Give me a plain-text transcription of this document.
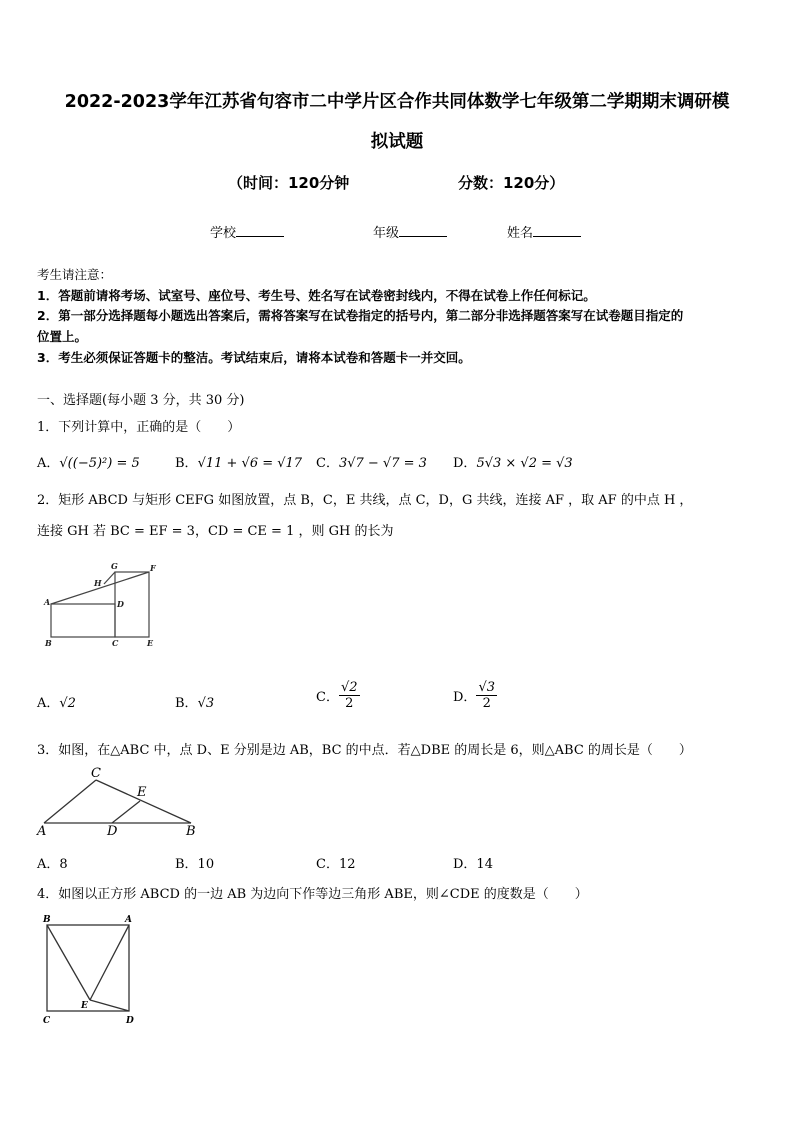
2022-2023学年江苏省句容市二中学片区合作共同体数学七年级第二学期期末调研模
拟试题
（时间：120分钟	分数：120分）
学校	年级	姓名
考生请注意：
1．答题前请将考场、试室号、座位号、考生号、姓名写在试卷密封线内，不得在试卷上作任何标记。
2．第一部分选择题每小题选出答案后，需将答案写在试卷指定的括号内，第二部分非选择题答案写在试卷题目指定的
位置上。
3．考生必须保证答题卡的整洁。考试结束后，请将本试卷和答题卡一并交回。
一、选择题(每小题 3 分，共 30 分)
1．下列计算中，正确的是（　　）
A．√((−5)²) = 5	B．√11 + √6 = √17 C．3√7 − √7 = 3 D．5√3 × √2 = √3
2．矩形 ABCD 与矩形 CEFG 如图放置，点 B，C，E 共线，点 C，D，G 共线，连接 AF ，取 AF 的中点 H ，
连接 GH 若 BC = EF = 3，CD = CE = 1 ，则 GH 的长为
G	F
H
A	D
B	C	E
A．√2	B．√3	C． $\frac{√2}{2}$	D． $\frac{√3}{2}$
3．如图，在△ABC 中，点 D、E 分别是边 AB，BC 的中点．若△DBE 的周长是 6，则△ABC 的周长是（　　）
C
E
A	D	B
A．8	B．10	C．12	D．14
4．如图以正方形 ABCD 的一边 AB 为边向下作等边三角形 ABE，则∠CDE 的度数是（　　）
B	A
E
C	D
